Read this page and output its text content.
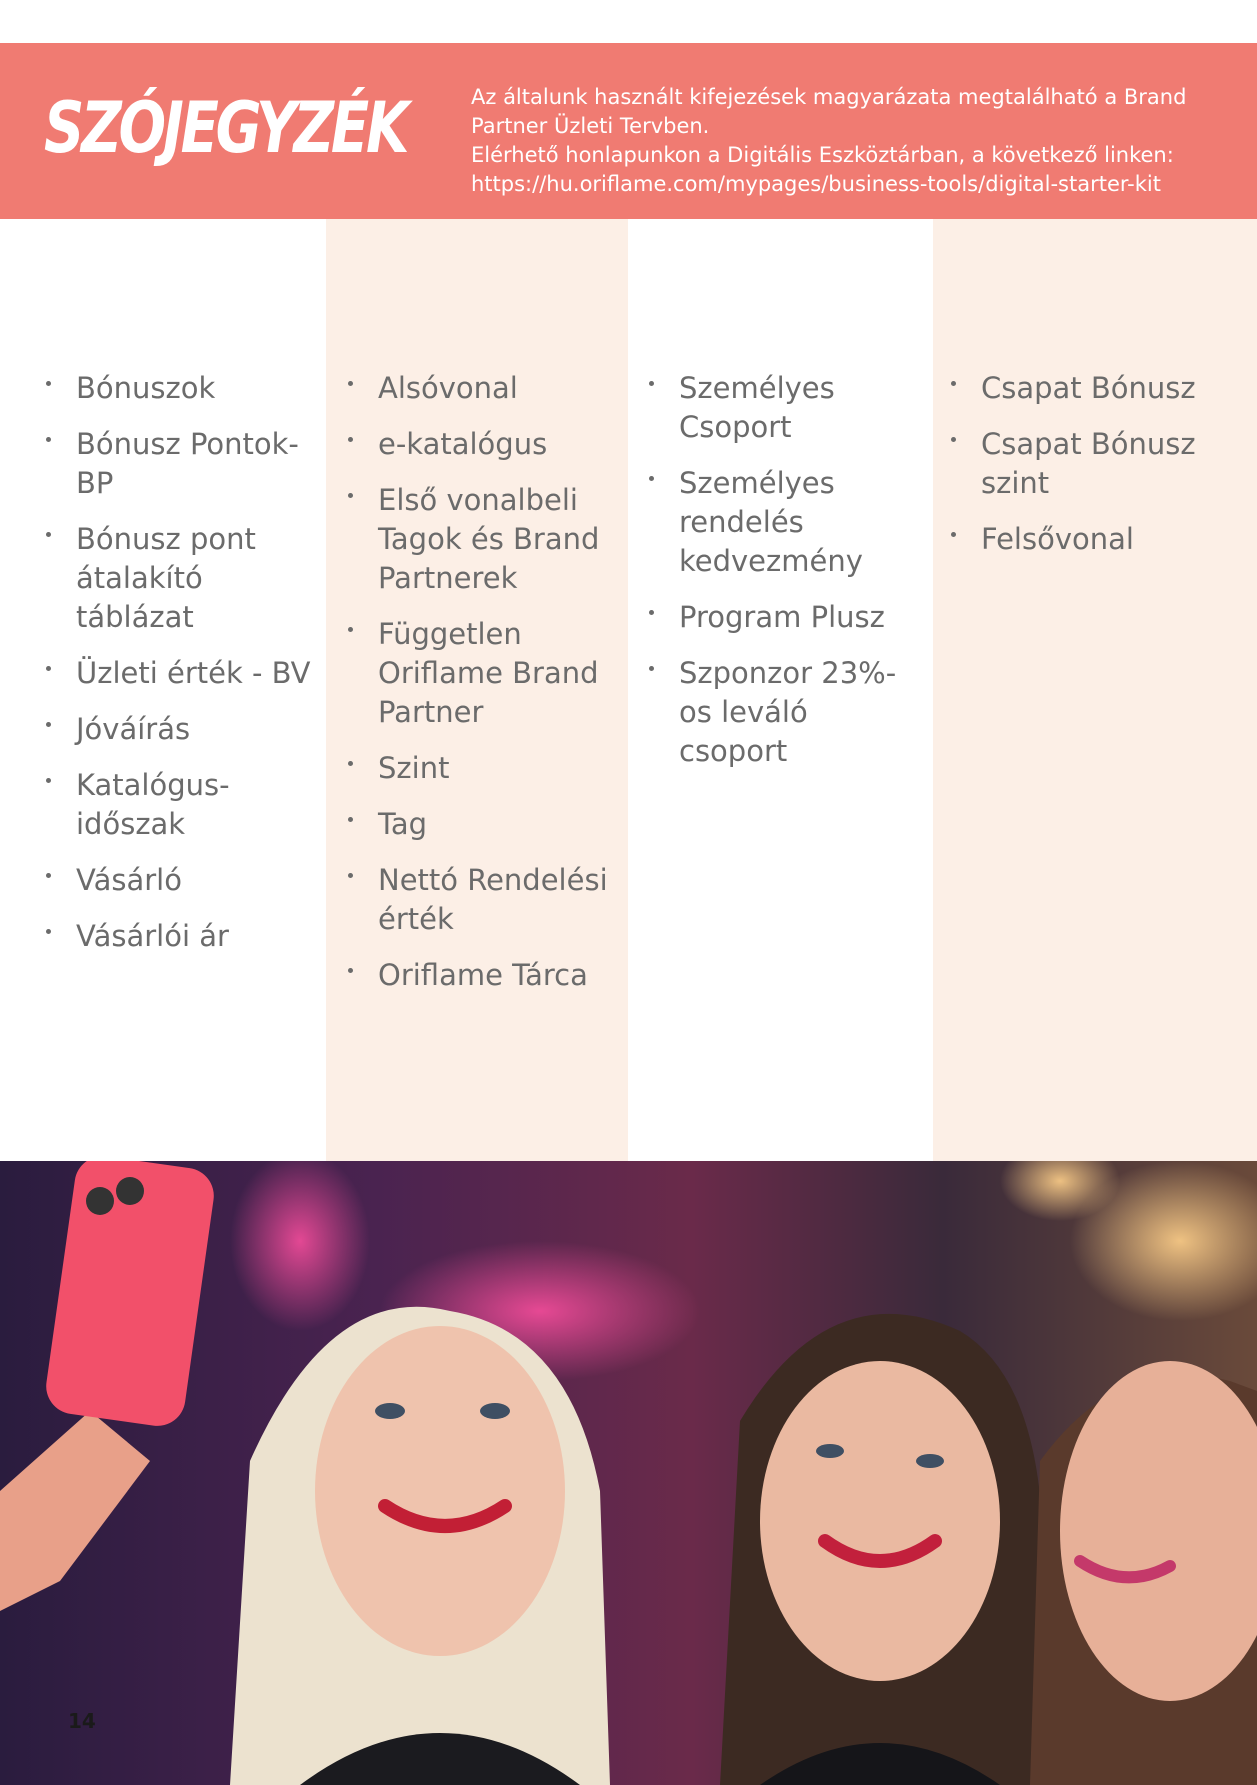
SZÓJEGYZÉK	Az általunk használt kifejezések magyarázata megtalálható a Brand
Partner Üzleti Tervben.
Elérhető honlapunkon a Digitális Eszköztárban, a következő linken:
https://hu.oriflame.com/mypages/business-tools/digital-starter-kit
Bónuszok
Bónusz Pontok-BP
Bónusz pont átalakító táblázat
Üzleti érték - BV
Jóváírás
Katalógus-időszak
Vásárló
Vásárlói ár
Alsóvonal
e-katalógus
Első vonalbeli Tagok és Brand Partnerek
Független Oriflame Brand Partner
Szint
Tag
Nettó Rendelési érték
Oriflame Tárca
Személyes Csoport
Személyes rendelés kedvezmény
Program Plusz
Szponzor 23%-os leváló csoport
Csapat Bónusz
Csapat Bónusz szint
Felsővonal
14
